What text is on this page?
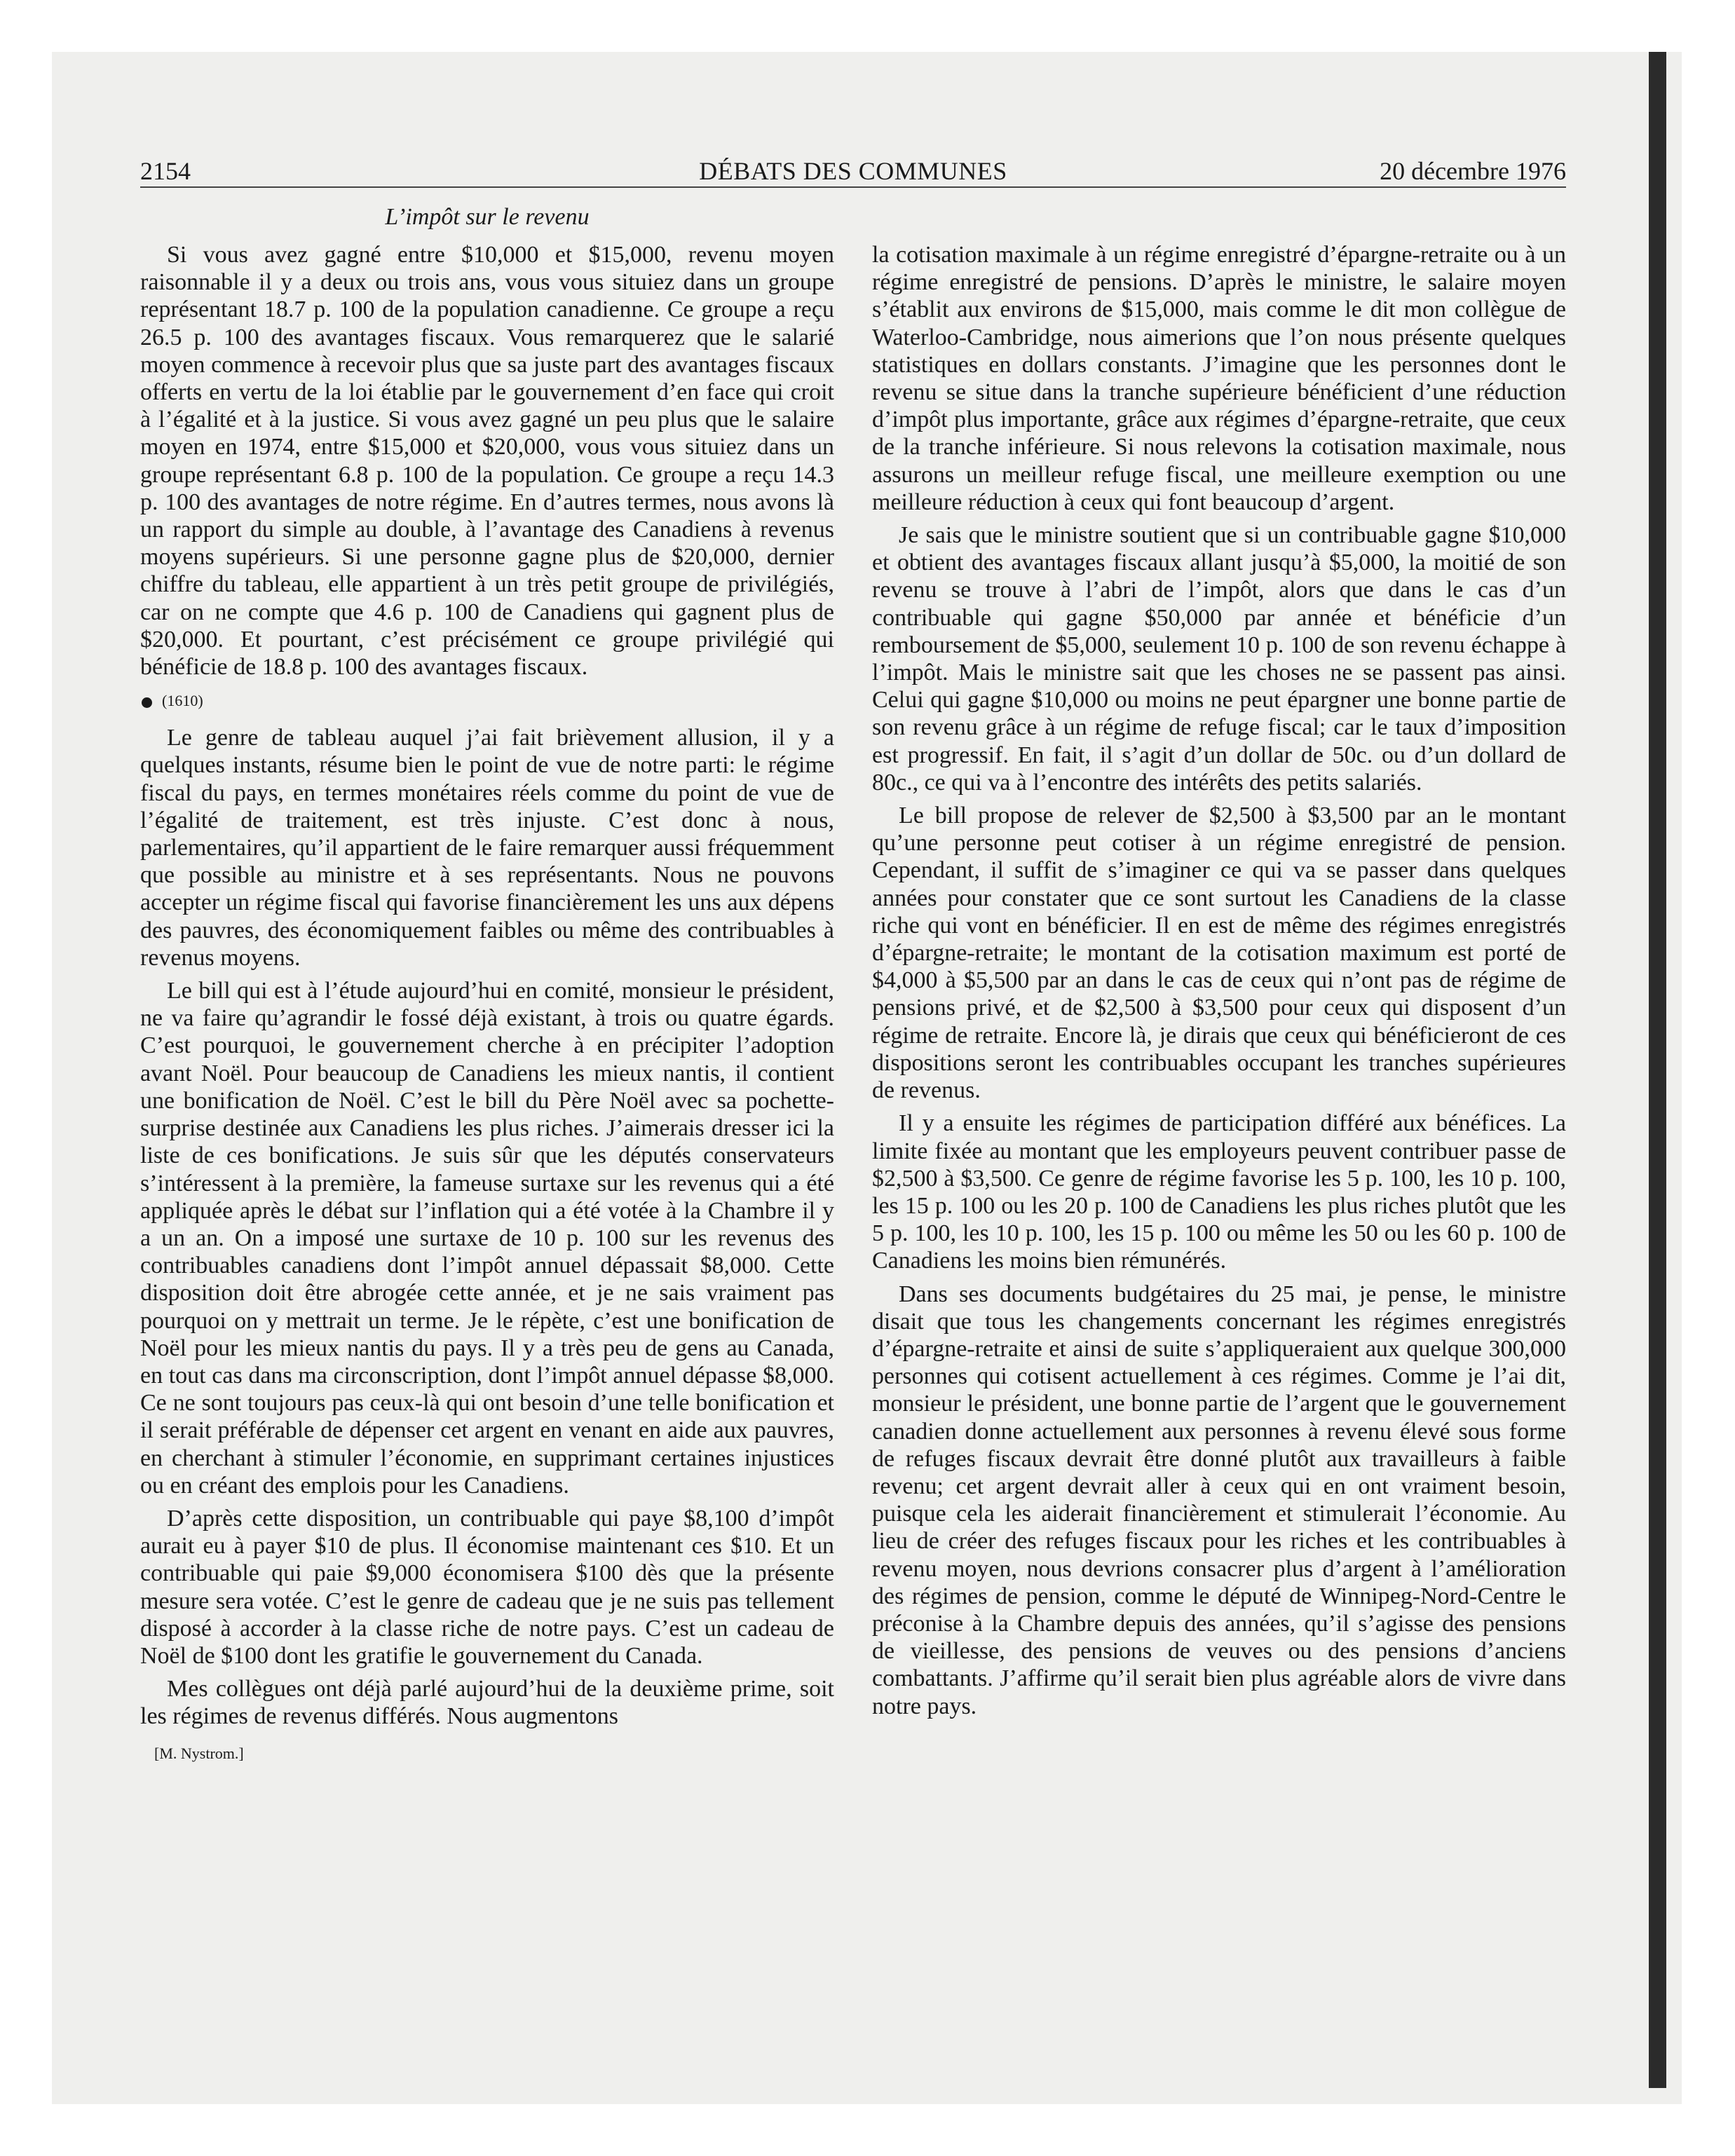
2154	DÉBATS DES COMMUNES	20 décembre 1976
L’impôt sur le revenu

Si vous avez gagné entre $10,000 et $15,000, revenu moyen raisonnable il y a deux ou trois ans, vous vous situiez dans un groupe représentant 18.7 p. 100 de la population canadienne. Ce groupe a reçu 26.5 p. 100 des avantages fiscaux. Vous remarquerez que le salarié moyen commence à recevoir plus que sa juste part des avantages fiscaux offerts en vertu de la loi établie par le gouvernement d’en face qui croit à l’égalité et à la justice. Si vous avez gagné un peu plus que le salaire moyen en 1974, entre $15,000 et $20,000, vous vous situiez dans un groupe représentant 6.8 p. 100 de la population. Ce groupe a reçu 14.3 p. 100 des avantages de notre régime. En d’autres termes, nous avons là un rapport du simple au double, à l’avantage des Canadiens à revenus moyens supérieurs. Si une personne gagne plus de $20,000, dernier chiffre du tableau, elle appartient à un très petit groupe de privilégiés, car on ne compte que 4.6 p. 100 de Canadiens qui gagnent plus de $20,000. Et pourtant, c’est précisément ce groupe privilégié qui bénéficie de 18.8 p. 100 des avantages fiscaux.

(1610)

Le genre de tableau auquel j’ai fait brièvement allusion, il y a quelques instants, résume bien le point de vue de notre parti: le régime fiscal du pays, en termes monétaires réels comme du point de vue de l’égalité de traitement, est très injuste. C’est donc à nous, parlementaires, qu’il appartient de le faire remarquer aussi fréquemment que possible au ministre et à ses représentants. Nous ne pouvons accepter un régime fiscal qui favorise financièrement les uns aux dépens des pauvres, des économiquement faibles ou même des contribuables à revenus moyens.

Le bill qui est à l’étude aujourd’hui en comité, monsieur le président, ne va faire qu’agrandir le fossé déjà existant, à trois ou quatre égards. C’est pourquoi, le gouvernement cherche à en précipiter l’adoption avant Noël. Pour beaucoup de Canadiens les mieux nantis, il contient une bonification de Noël. C’est le bill du Père Noël avec sa pochette-surprise destinée aux Canadiens les plus riches. J’aimerais dresser ici la liste de ces bonifications. Je suis sûr que les députés conservateurs s’intéressent à la première, la fameuse surtaxe sur les revenus qui a été appliquée après le débat sur l’inflation qui a été votée à la Chambre il y a un an. On a imposé une surtaxe de 10 p. 100 sur les revenus des contribuables canadiens dont l’impôt annuel dépassait $8,000. Cette disposition doit être abrogée cette année, et je ne sais vraiment pas pourquoi on y mettrait un terme. Je le répète, c’est une bonification de Noël pour les mieux nantis du pays. Il y a très peu de gens au Canada, en tout cas dans ma circonscription, dont l’impôt annuel dépasse $8,000. Ce ne sont toujours pas ceux-là qui ont besoin d’une telle bonification et il serait préférable de dépenser cet argent en venant en aide aux pauvres, en cherchant à stimuler l’économie, en supprimant certaines injustices ou en créant des emplois pour les Canadiens.

D’après cette disposition, un contribuable qui paye $8,100 d’impôt aurait eu à payer $10 de plus. Il économise maintenant ces $10. Et un contribuable qui paie $9,000 économisera $100 dès que la présente mesure sera votée. C’est le genre de cadeau que je ne suis pas tellement disposé à accorder à la classe riche de notre pays. C’est un cadeau de Noël de $100 dont les gratifie le gouvernement du Canada.

Mes collègues ont déjà parlé aujourd’hui de la deuxième prime, soit les régimes de revenus différés. Nous augmentons

[M. Nystrom.]

la cotisation maximale à un régime enregistré d’épargne-retraite ou à un régime enregistré de pensions. D’après le ministre, le salaire moyen s’établit aux environs de $15,000, mais comme le dit mon collègue de Waterloo-Cambridge, nous aimerions que l’on nous présente quelques statistiques en dollars constants. J’imagine que les personnes dont le revenu se situe dans la tranche supérieure bénéficient d’une réduction d’impôt plus importante, grâce aux régimes d’épargne-retraite, que ceux de la tranche inférieure. Si nous relevons la cotisation maximale, nous assurons un meilleur refuge fiscal, une meilleure exemption ou une meilleure réduction à ceux qui font beaucoup d’argent.

Je sais que le ministre soutient que si un contribuable gagne $10,000 et obtient des avantages fiscaux allant jusqu’à $5,000, la moitié de son revenu se trouve à l’abri de l’impôt, alors que dans le cas d’un contribuable qui gagne $50,000 par année et bénéficie d’un remboursement de $5,000, seulement 10 p. 100 de son revenu échappe à l’impôt. Mais le ministre sait que les choses ne se passent pas ainsi. Celui qui gagne $10,000 ou moins ne peut épargner une bonne partie de son revenu grâce à un régime de refuge fiscal; car le taux d’imposition est progressif. En fait, il s’agit d’un dollar de 50c. ou d’un dollard de 80c., ce qui va à l’encontre des intérêts des petits salariés.

Le bill propose de relever de $2,500 à $3,500 par an le montant qu’une personne peut cotiser à un régime enregistré de pension. Cependant, il suffit de s’imaginer ce qui va se passer dans quelques années pour constater que ce sont surtout les Canadiens de la classe riche qui vont en bénéficier. Il en est de même des régimes enregistrés d’épargne-retraite; le montant de la cotisation maximum est porté de $4,000 à $5,500 par an dans le cas de ceux qui n’ont pas de régime de pensions privé, et de $2,500 à $3,500 pour ceux qui disposent d’un régime de retraite. Encore là, je dirais que ceux qui bénéficieront de ces dispositions seront les contribuables occupant les tranches supérieures de revenus.

Il y a ensuite les régimes de participation différé aux bénéfices. La limite fixée au montant que les employeurs peuvent contribuer passe de $2,500 à $3,500. Ce genre de régime favorise les 5 p. 100, les 10 p. 100, les 15 p. 100 ou les 20 p. 100 de Canadiens les plus riches plutôt que les 5 p. 100, les 10 p. 100, les 15 p. 100 ou même les 50 ou les 60 p. 100 de Canadiens les moins bien rémunérés.

Dans ses documents budgétaires du 25 mai, je pense, le ministre disait que tous les changements concernant les régimes enregistrés d’épargne-retraite et ainsi de suite s’appliqueraient aux quelque 300,000 personnes qui cotisent actuellement à ces régimes. Comme je l’ai dit, monsieur le président, une bonne partie de l’argent que le gouvernement canadien donne actuellement aux personnes à revenu élevé sous forme de refuges fiscaux devrait être donné plutôt aux travailleurs à faible revenu; cet argent devrait aller à ceux qui en ont vraiment besoin, puisque cela les aiderait financièrement et stimulerait l’économie. Au lieu de créer des refuges fiscaux pour les riches et les contribuables à revenu moyen, nous devrions consacrer plus d’argent à l’amélioration des régimes de pension, comme le député de Winnipeg-Nord-Centre le préconise à la Chambre depuis des années, qu’il s’agisse des pensions de vieillesse, des pensions de veuves ou des pensions d’anciens combattants. J’affirme qu’il serait bien plus agréable alors de vivre dans notre pays.
